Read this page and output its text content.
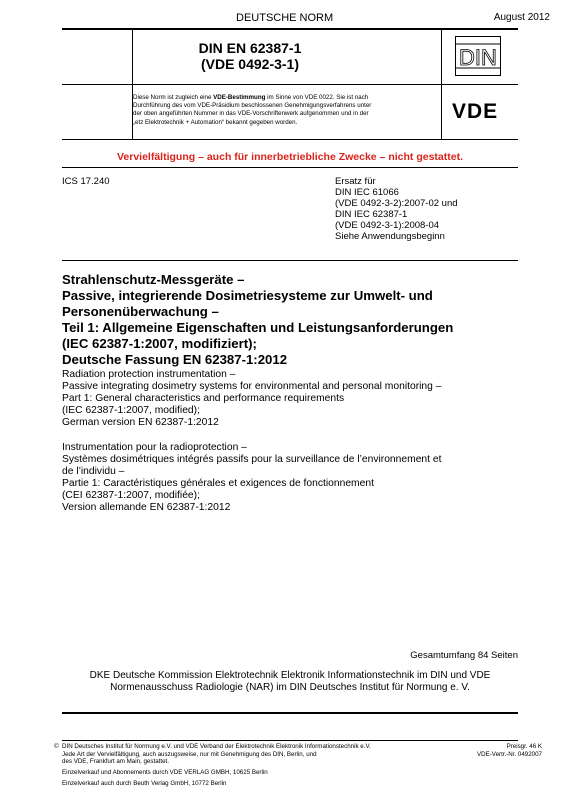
DEUTSCHE NORM	August 2012
DIN EN 62387-1
(VDE 0492-3-1)	DIN
Diese Norm ist zugleich eine VDE-Bestimmung im Sinne von VDE 0022. Sie ist nach
Durchführung des vom VDE-Präsidium beschlossenen Genehmigungsverfahrens unter
der oben angeführten Nummer in das VDE-Vorschriftenwerk aufgenommen und in der
„etz Elektrotechnik + Automation“ bekannt gegeben worden.	VDE
Vervielfältigung – auch für innerbetriebliche Zwecke – nicht gestattet.
ICS 17.240	Ersatz für
DIN IEC 61066
(VDE 0492-3-2):2007-02 und
DIN IEC 62387-1
(VDE 0492-3-1):2008-04
Siehe Anwendungsbeginn
Strahlenschutz-Messgeräte –
Passive, integrierende Dosimetriesysteme zur Umwelt- und
Personenüberwachung –
Teil 1: Allgemeine Eigenschaften und Leistungsanforderungen
(IEC 62387-1:2007, modifiziert);
Deutsche Fassung EN 62387-1:2012
Radiation protection instrumentation –
Passive integrating dosimetry systems for environmental and personal monitoring –
Part 1: General characteristics and performance requirements
(IEC 62387-1:2007, modified);
German version EN 62387-1:2012
Instrumentation pour la radioprotection –
Systèmes dosimétriques intégrés passifs pour la surveillance de l’environnement et
de l’individu –
Partie 1: Caractéristiques générales et exigences de fonctionnement
(CEI 62387-1:2007, modifiée);
Version allemande EN 62387-1:2012
Gesamtumfang 84 Seiten
DKE Deutsche Kommission Elektrotechnik Elektronik Informationstechnik im DIN und VDE
Normenausschuss Radiologie (NAR) im DIN Deutsches Institut für Normung e. V.
© DIN Deutsches Institut für Normung e.V. und VDE Verband der Elektrotechnik Elektronik Informationstechnik e.V.
Jede Art der Vervielfältigung, auch auszugsweise, nur mit Genehmigung des DIN, Berlin, und
des VDE, Frankfurt am Main, gestattet.
Preisgr. 46 K
VDE-Vertr.-Nr. 0492007
Einzelverkauf und Abonnements durch VDE VERLAG GMBH, 10625 Berlin
Einzelverkauf auch durch Beuth Verlag GmbH, 10772 Berlin
